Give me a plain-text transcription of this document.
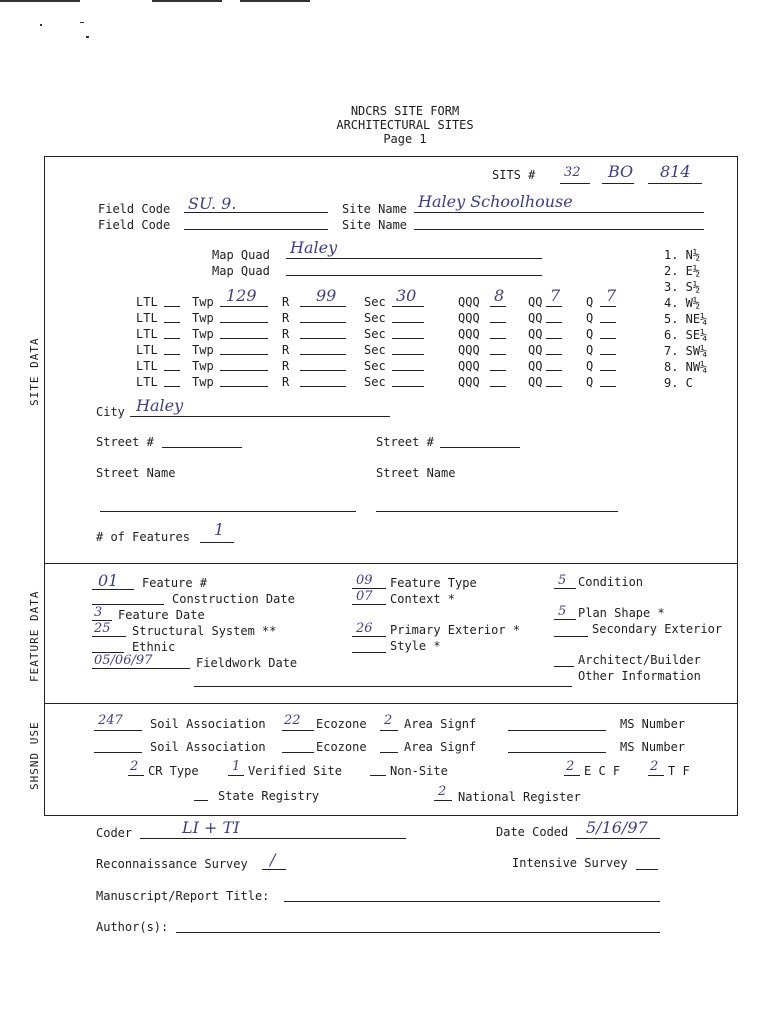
NDCRS SITE FORM
ARCHITECTURAL SITES
Page 1
SITE DATA
FEATURE DATA
SHSND USE
SITS # 32 BO 814
Field Code SU. 9.	Site Name Haley Schoolhouse
Field Code	Site Name
Map Quad Haley
Map Quad
LTL	Twp 129 R 99 Sec 30	QQQ 8 QQ 7 Q 7
LTL	Twp	R	Sec	QQQ	QQ	Q
LTL	Twp	R	Sec	QQQ	QQ	Q
LTL	Twp	R	Sec	QQQ	QQ	Q
LTL	Twp	R	Sec	QQQ	QQ	Q
LTL	Twp	R	Sec	QQQ	QQ	Q
1. N½
2. E½
3. S½
4. W½
5. NE¼
6. SE¼
7. SW¼
8. NW¼
9. C
City Haley
Street #	Street #
Street Name	Street Name
# of Features 1
01 Feature #
Construction Date
3 Feature Date
25 Structural System **
Ethnic
05/06/97	Fieldwork Date
09 Feature Type
07 Context *
26 Primary Exterior *
Style *
5 Condition
5 Plan Shape *
Secondary Exterior
Architect/Builder
Other Information
247 Soil Association 22 Ecozone 2 Area Signf	MS Number
Soil Association	Ecozone	Area Signf	MS Number
2 CR Type	1 Verified Site	Non-Site	2 E C F 2 T F
State Registry	2 National Register
Coder	LI + TI	Date Coded 5/16/97
Reconnaissance Survey /	Intensive Survey
Manuscript/Report Title:
Author(s):
